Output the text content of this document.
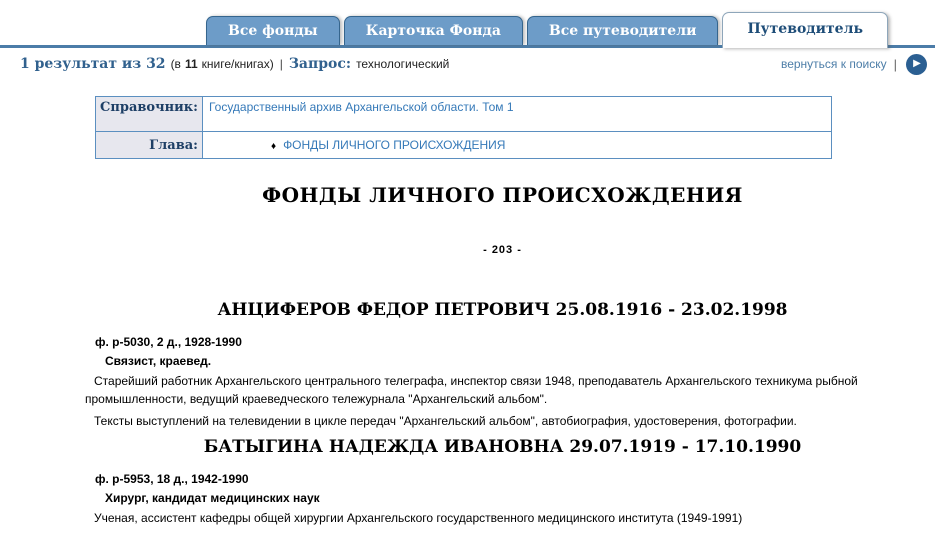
Все фонды	Карточка Фонда	Все путеводители	Путеводитель
1 результат из 32 (в 11 книге/книгах) | Запрос: технологический	вернуться к поиску | ▶
Справочник:	Государственный архив Архангельской области. Том 1
Глава:	♦ ФОНДЫ ЛИЧНОГО ПРОИСХОЖДЕНИЯ
ФОНДЫ ЛИЧНОГО ПРОИСХОЖДЕНИЯ
- 203 -
АНЦИФЕРОВ ФЕДОР ПЕТРОВИЧ 25.08.1916 - 23.02.1998
ф. р-5030, 2 д., 1928-1990
Связист, краевед.

Старейший работник Архангельского центрального телеграфа, инспектор связи 1948, преподаватель Архангельского техникума рыбной промышленности, ведущий краеведческого тележурнала "Архангельский альбом".

Тексты выступлений на телевидении в цикле передач "Архангельский альбом", автобиография, удостоверения, фотографии.

БАТЫГИНА НАДЕЖДА ИВАНОВНА 29.07.1919 - 17.10.1990
ф. р-5953, 18 д., 1942-1990
Хирург, кандидат медицинских наук

Ученая, ассистент кафедры общей хирургии Архангельского государственного медицинского института (1949-1991)
